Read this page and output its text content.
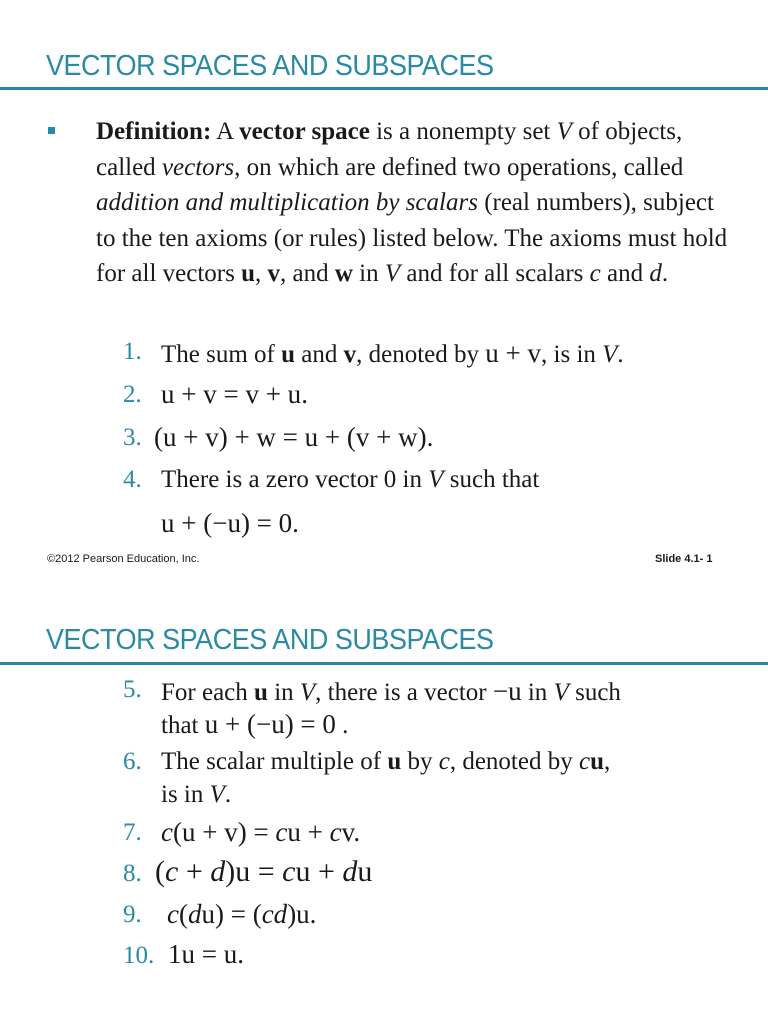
VECTOR SPACES AND SUBSPACES

Definition: A vector space is a nonempty set V of objects, called vectors, on which are defined two operations, called addition and multiplication by scalars (real numbers), subject to the ten axioms (or rules) listed below. The axioms must hold for all vectors u, v, and w in V and for all scalars c and d.

1. The sum of u and v, denoted by u + v, is in V.
2. u + v = v + u.
3. (u + v) + w = u + (v + w).
4. There is a zero vector 0 in V such that
u + (−u) = 0.
©2012 Pearson Education, Inc.	Slide 4.1- 1
VECTOR SPACES AND SUBSPACES
5. For each u in V, there is a vector −u in V such
that u + (−u) = 0 .
6. The scalar multiple of u by c, denoted by cu,
is in V.
7. c(u + v) = cu + cv.
8. (c + d)u = cu + du
9. c(du) = (cd)u.
10. 1u = u.
